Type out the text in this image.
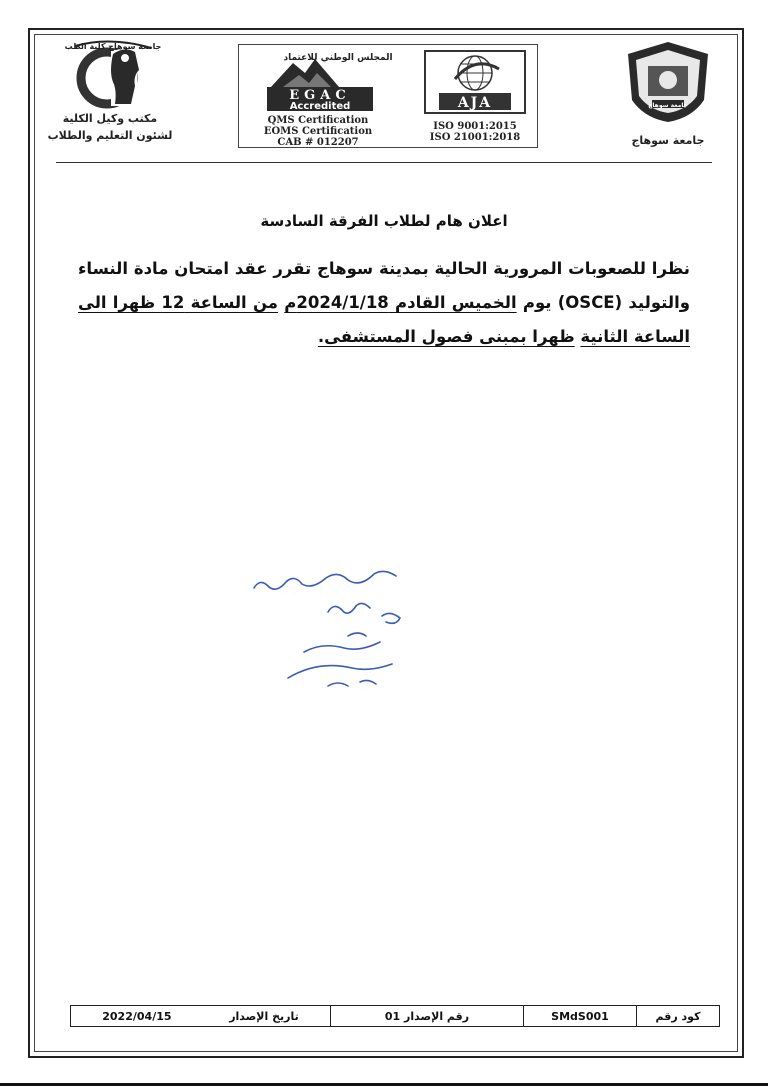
جامعة سوهاج كلية الطب
مكتب وكيل الكلية
لشئون التعليم والطلاب
المجلس الوطني للاعتماد
EGAC
Accredited
QMS Certification
EOMS Certification
CAB # 012207
AJA
ISO 9001:2015
ISO 21001:2018
جامعة سوهاج
جامعة سوهاج
اعلان هام لطلاب الفرقة السادسة
نظرا للصعوبات المرورية الحالية بمدينة سوهاج تقرر عقد امتحان مادة النساء والتوليد (OSCE) يوم الخميس القادم 2024/1/18م من الساعة 12 ظهرا الى الساعة الثانية ظهرا بمبنى فصول المستشفى.
للاعلان بالموقع
اعلم
١٦
٢٠٢٤
كود رقم	SMdS001	رقم الإصدار 01	تاريخ الإصدار  2022/04/15
